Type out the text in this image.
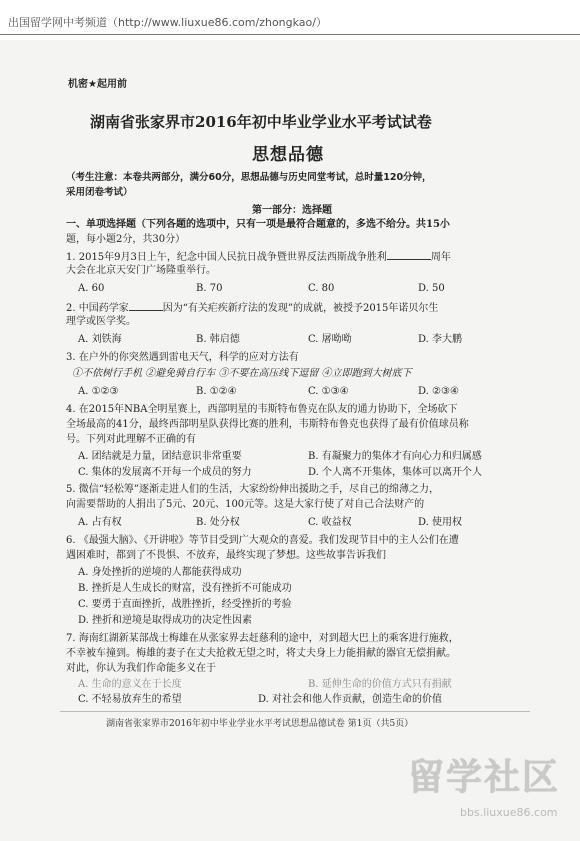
出国留学网中考频道（http://www.liuxue86.com/zhongkao/）
机密★起用前
湖南省张家界市2016年初中毕业学业水平考试试卷
思想品德
（考生注意：本卷共两部分，满分60分，思想品德与历史同堂考试，总时量120分钟，
采用闭卷考试）
第一部分：选择题
一、单项选择题（下列各题的选项中，只有一项是最符合题意的，多选不给分。共15小
题，每小题2分，共30分）
1. 2015年9月3日上午，纪念中国人民抗日战争暨世界反法西斯战争胜利	周年
大会在北京天安门广场隆重举行。
A. 60	B. 70	C. 80	D. 50
2. 中国药学家	因为“有关疟疾新疗法的发现”的成就，被授予2015年诺贝尔生
理学或医学奖。
A. 刘铁海	B. 韩启德	C. 屠呦呦	D. 李大鹏
3. 在户外的你突然遇到雷电天气，科学的应对方法有
①不依树行手机 ②避免骑自行车 ③不要在高压线下逗留 ④立即跑到大树底下
A. ①②③	B. ①②④	C. ①③④	D. ②③④
4. 在2015年NBA全明星赛上，西部明星的韦斯特布鲁克在队友的通力协助下，全场砍下
全场最高的41分，最终西部明星队获得比赛的胜利，韦斯特布鲁克也获得了最有价值球员称
号。下列对此理解不正确的有
A. 团结就是力量，团结意识非常重要	B. 有凝聚力的集体才有向心力和归属感
C. 集体的发展离不开每一个成员的努力	D. 个人离不开集体，集体可以离开个人
5. 微信“轻松筹”逐渐走进人们的生活，大家纷纷伸出援助之手，尽自己的绵薄之力，
向需要帮助的人捐出了5元、20元、100元等。这是大家行使了对自己合法财产的
A. 占有权	B. 处分权	C. 收益权	D. 使用权
6. 《最强大脑》、《开讲啦》等节目受到广大观众的喜爱。我们发现节目中的主人公们在遭
遇困难时，都到了不畏惧、不放弃，最终实现了梦想。这些故事告诉我们
A. 身处挫折的逆境的人都能获得成功
B. 挫折是人生成长的财富，没有挫折不可能成功
C. 要勇于直面挫折，战胜挫折，经受挫折的考验
D. 挫折和逆境是取得成功的决定性因素
7. 海南红湖新某部战士梅雄在从张家界去赶慈利的途中，对到超大巴上的乘客进行施救，
不幸被车撞到。梅雄的妻子在丈夫抢救无望之时，将丈夫身上力能捐献的器官无偿捐献。
对此，你认为我们作命能多义在于
A. 生命的意义在于长度	B. 延伸生命的价值方式只有捐献
C. 不轻易放弃生的希望	D. 对社会和他人作贡献，创造生命的价值
湖南省张家界市2016年初中毕业学业水平考试思想品德试卷 第1页（共5页）
留学社区
bbs.liuxue86.com
